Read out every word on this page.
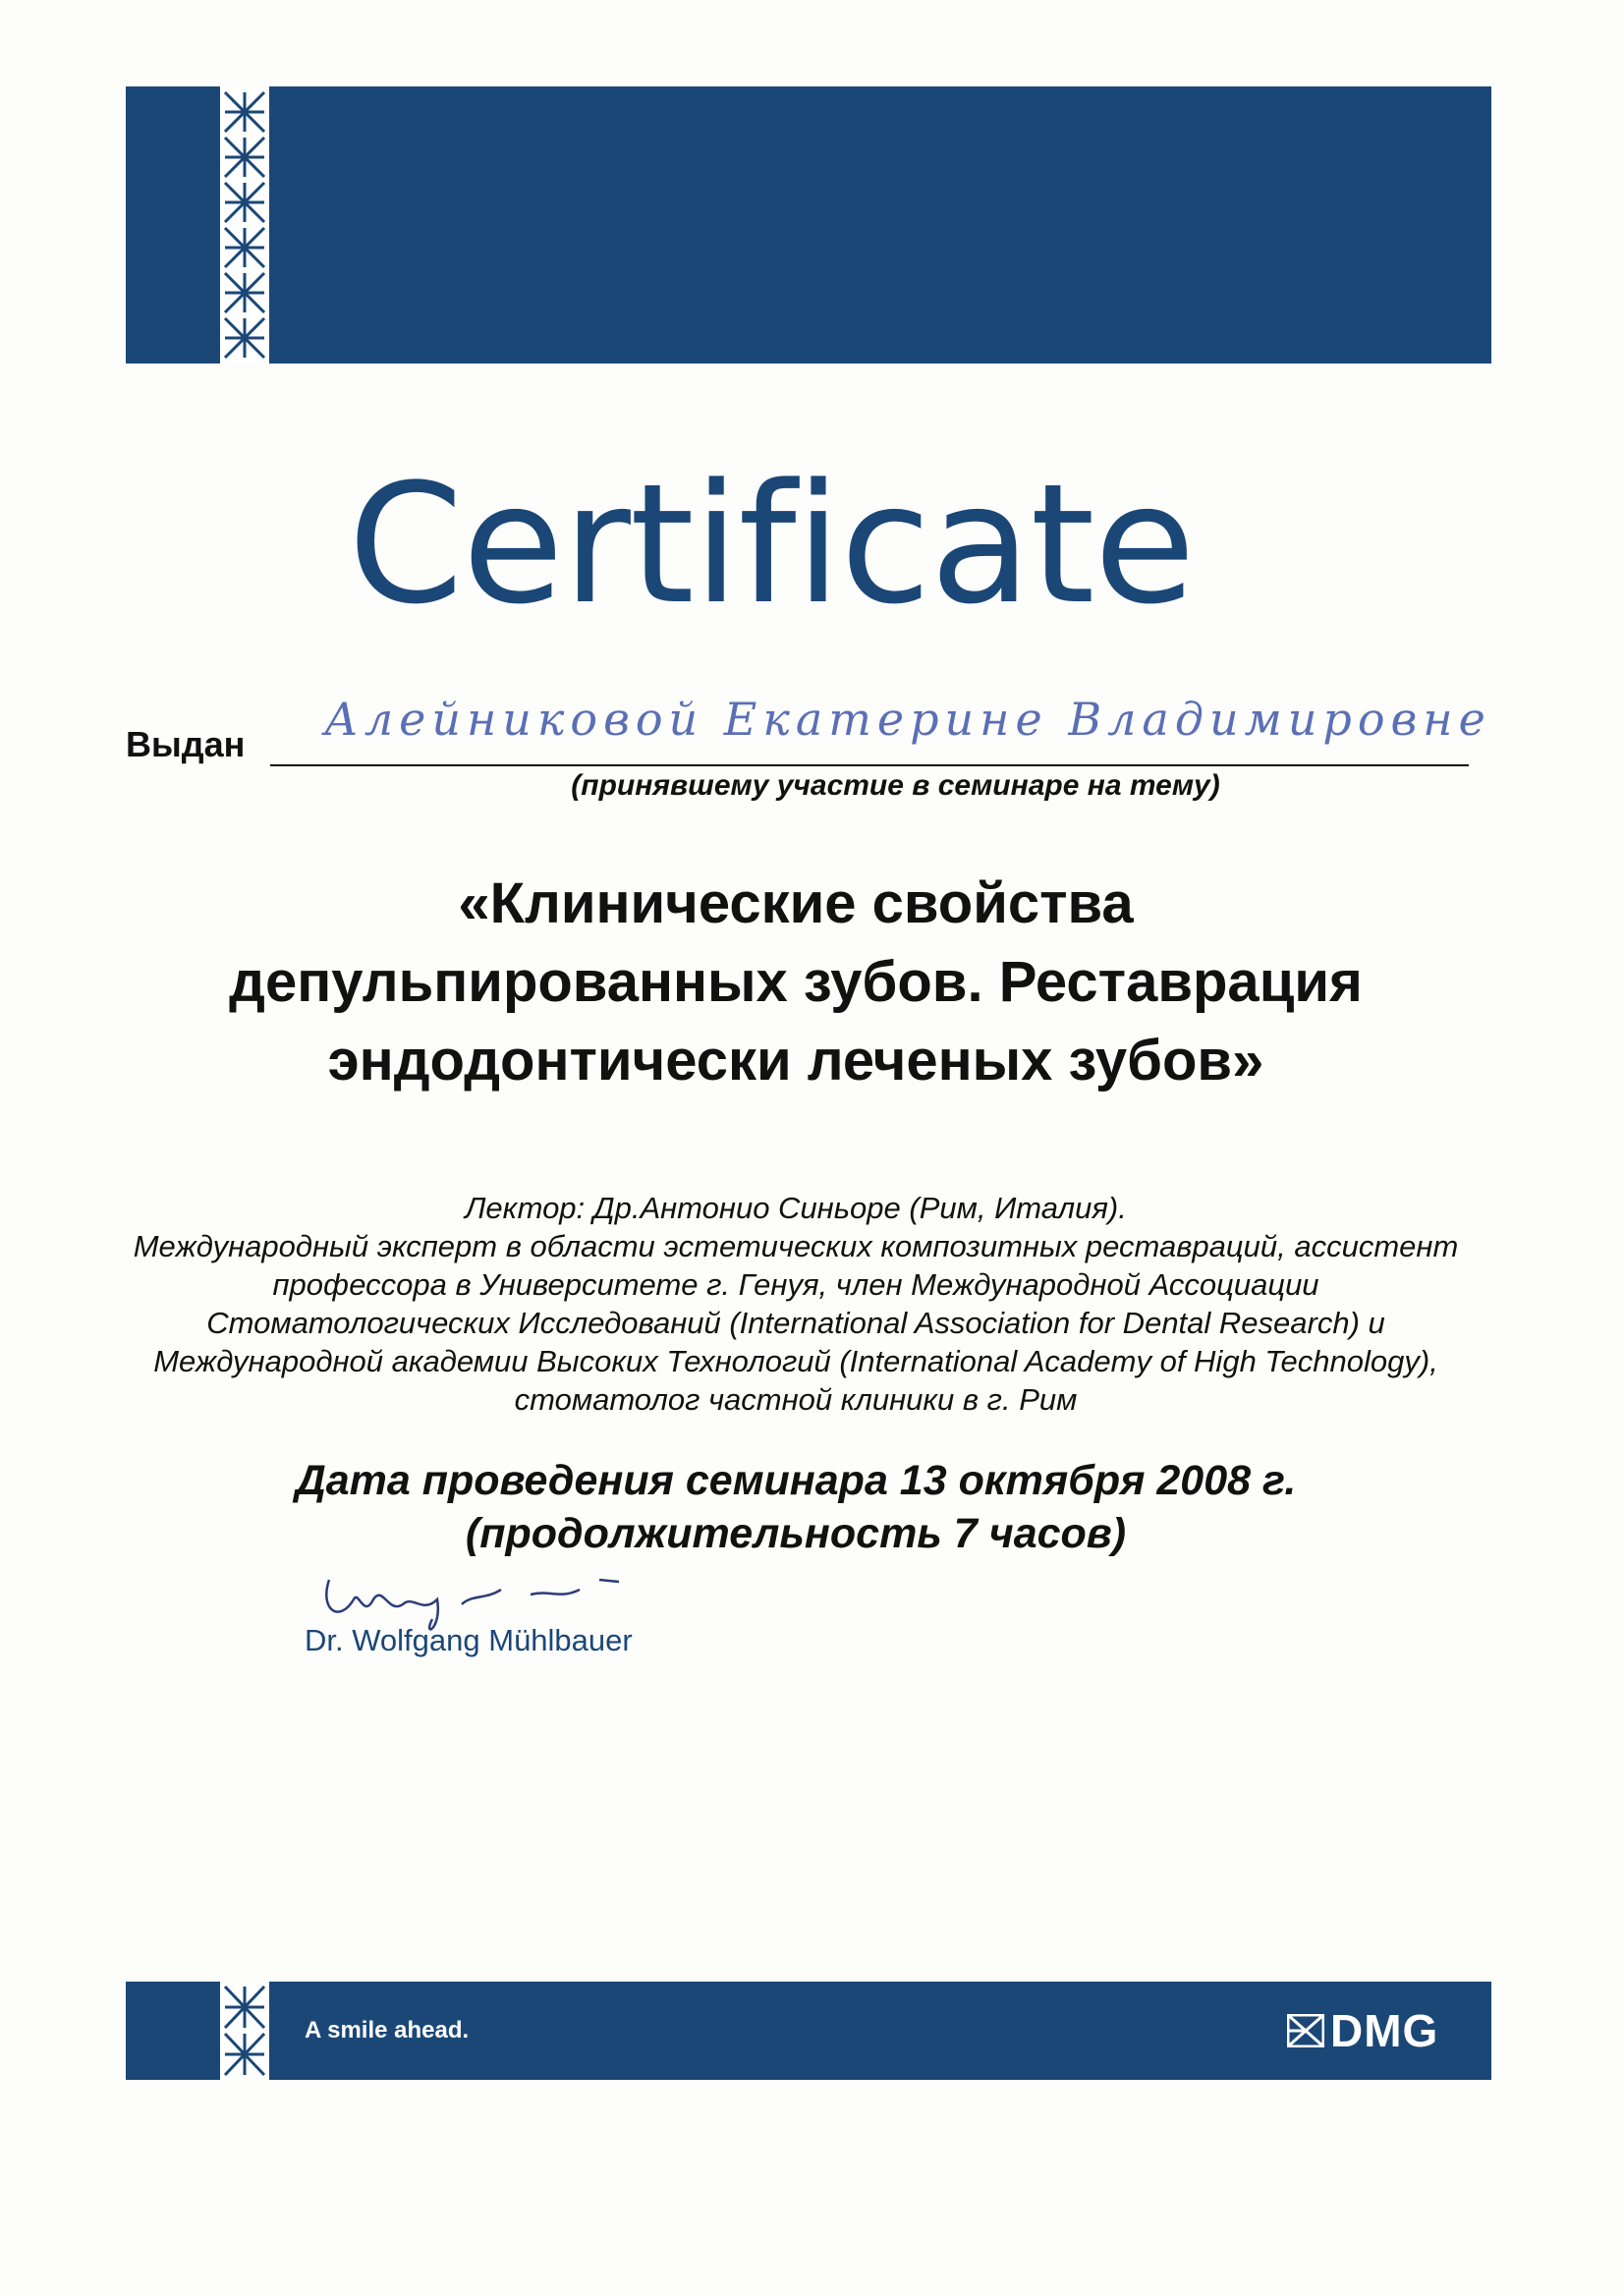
Certificate
Выдан Алейниковой Екатерине Владимировне
(принявшему участие в семинаре на тему)
«Клинические свойства
депульпированных зубов. Реставрация
эндодонтически леченых зубов»
Лектор: Др.Антонио Синьоре (Рим, Италия).
Международный эксперт в области эстетических композитных реставраций, ассистент профессора в Университете г. Генуя, член Международной Ассоциации Стоматологических Исследований (International Association for Dental Research) и Международной академии Высоких Технологий (International Academy of High Technology), стоматолог частной клиники в г. Рим
Дата проведения семинара 13 октября 2008 г.
(продолжительность 7 часов)
Dr. Wolfgang Mühlbauer
A smile ahead.	DMG
